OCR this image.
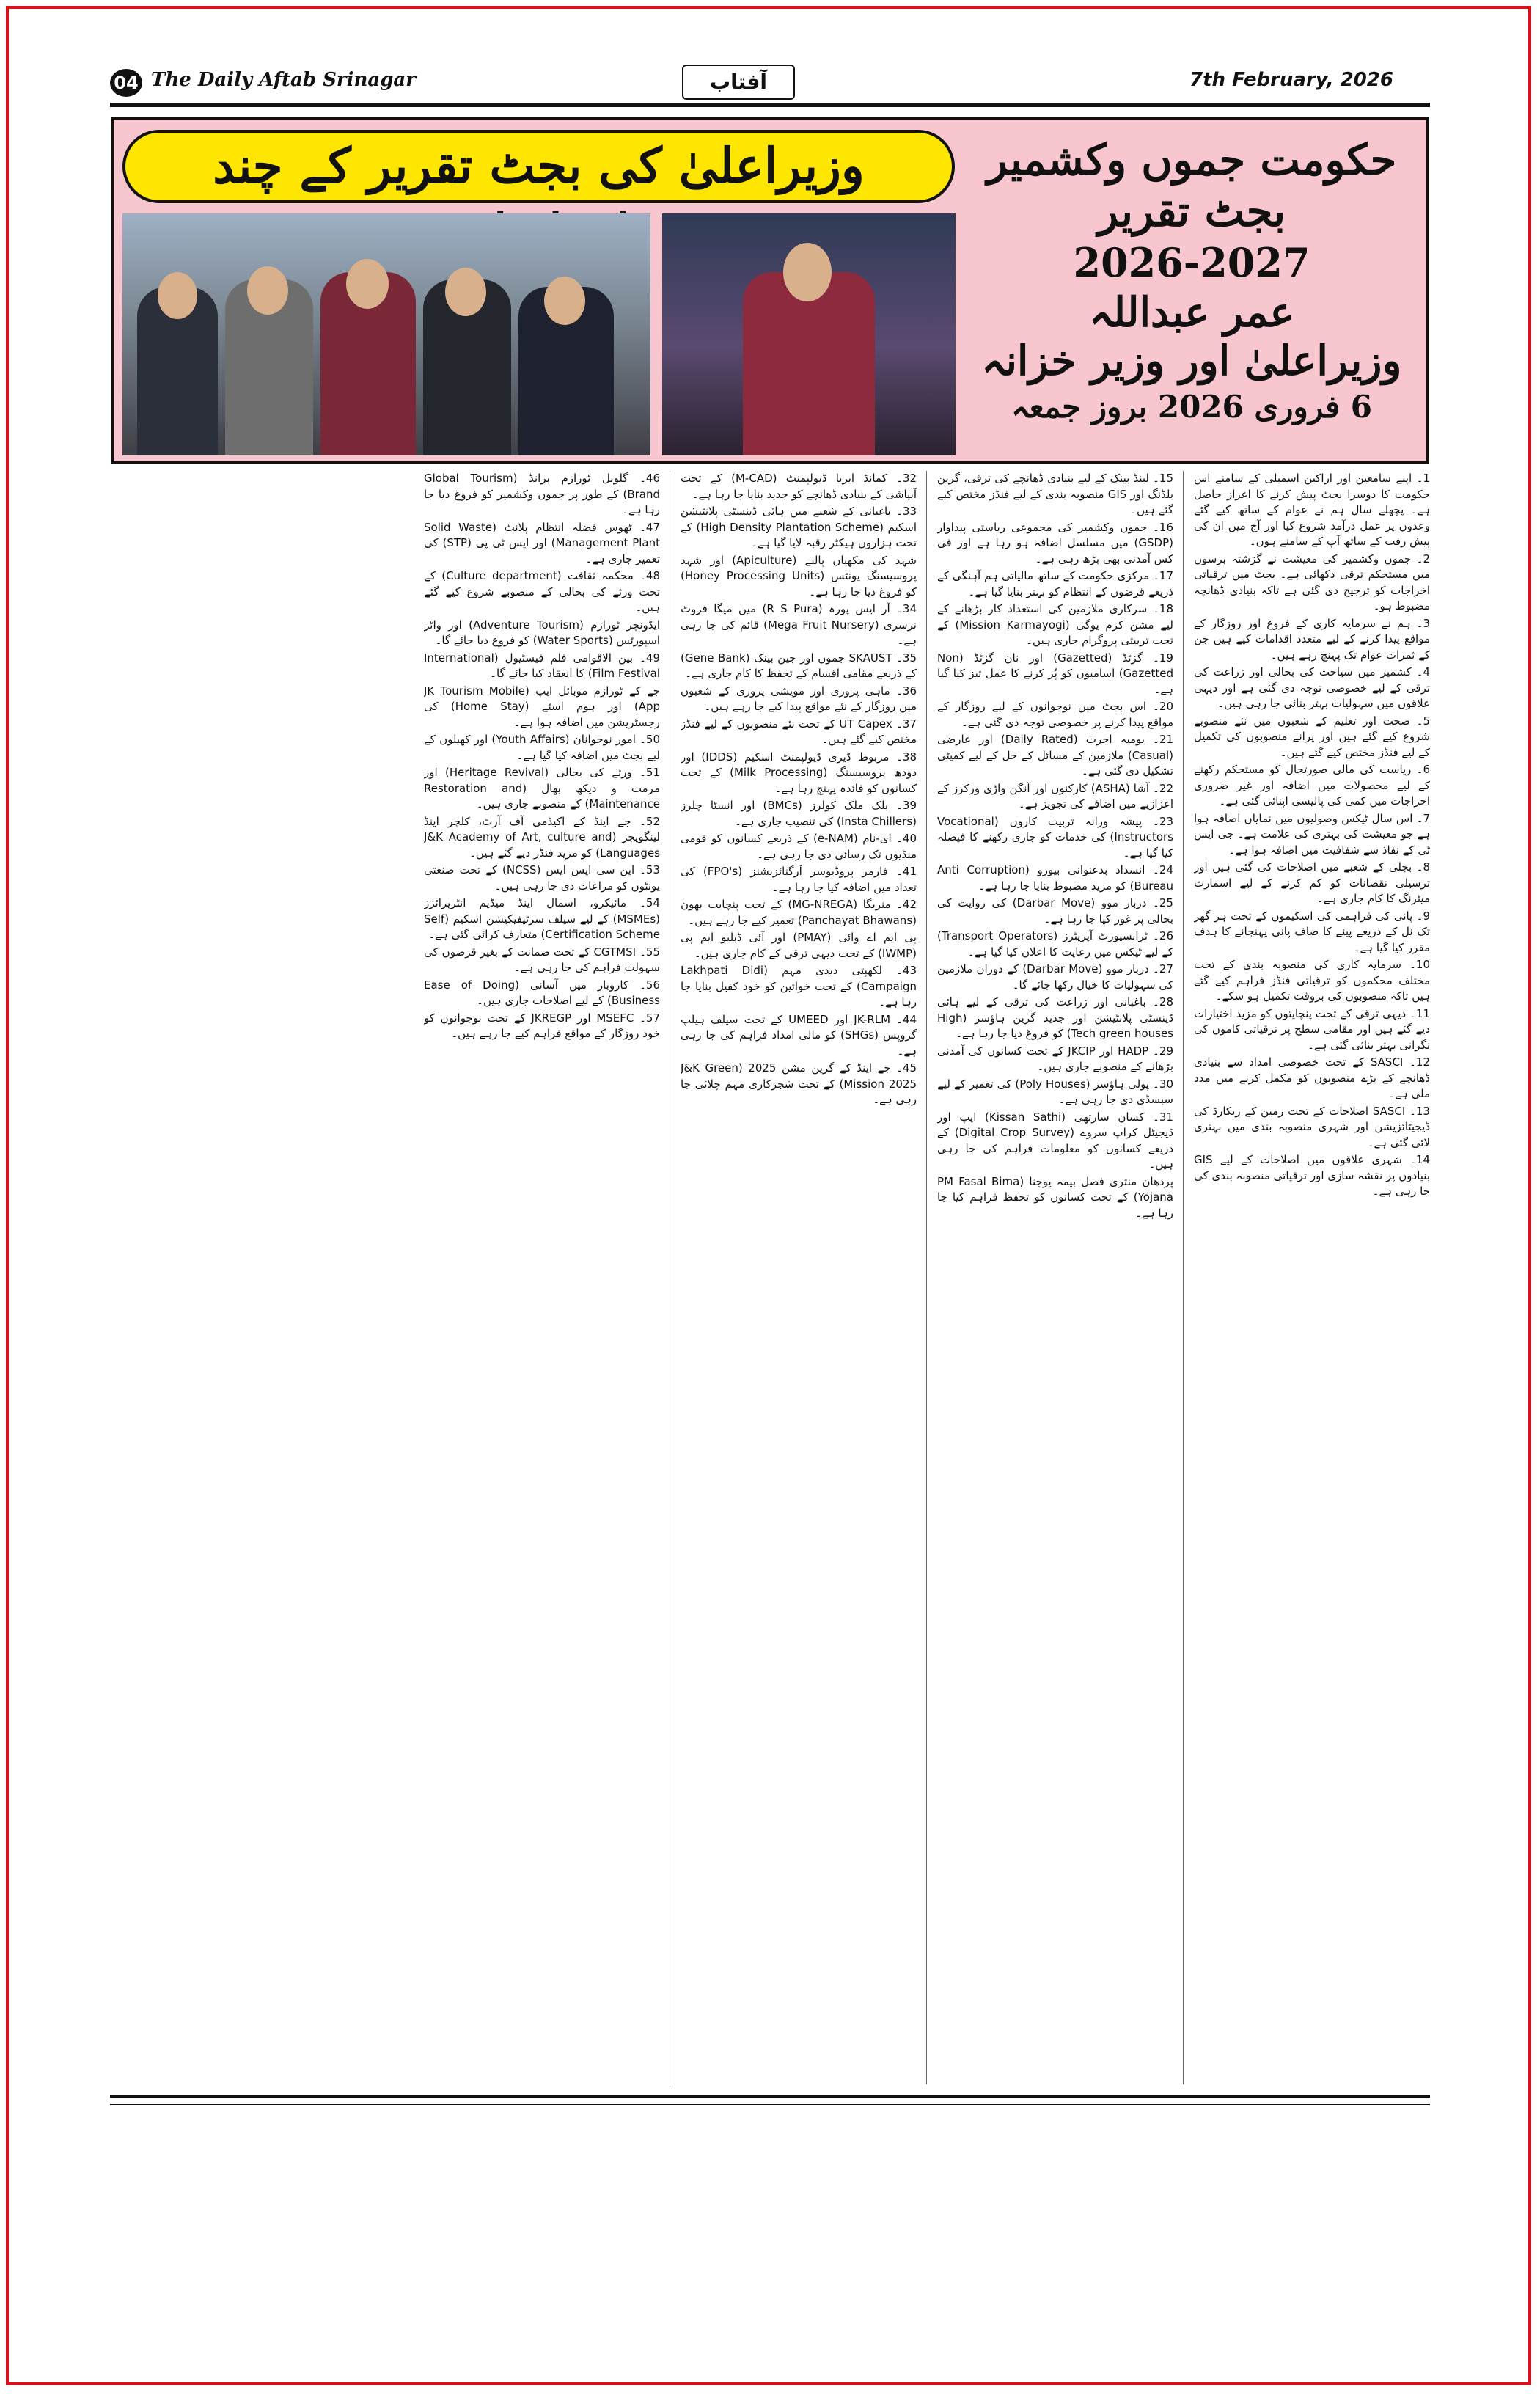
04 The Daily Aftab Srinagar	آفتاب	7th February, 2026
وزیراعلیٰ کی بجٹ تقریر کے چند	حکومت جموں وکشمیر
بجٹ تقریر
2026-2027
عمر عبداللہ
وزیراعلیٰ اور وزیر خزانہ
6 فروری 2026 بروز جمعہ

1۔ اپنے سامعین اور اراکین اسمبلی کے سامنے اس حکومت کا دوسرا بجٹ پیش کرنے کا اعزاز حاصل ہے۔ پچھلے سال ہم نے عوام کے ساتھ کیے گئے وعدوں پر عمل درآمد شروع کیا اور آج میں ان کی پیش رفت کے ساتھ آپ کے سامنے ہوں۔

2۔ جموں وکشمیر کی معیشت نے گزشتہ برسوں میں مستحکم ترقی دکھائی ہے۔ بجٹ میں ترقیاتی اخراجات کو ترجیح دی گئی ہے تاکہ بنیادی ڈھانچہ مضبوط ہو۔

3۔ ہم نے سرمایہ کاری کے فروغ اور روزگار کے مواقع پیدا کرنے کے لیے متعدد اقدامات کیے ہیں جن کے ثمرات عوام تک پہنچ رہے ہیں۔

4۔ کشمیر میں سیاحت کی بحالی اور زراعت کی ترقی کے لیے خصوصی توجہ دی گئی ہے اور دیہی علاقوں میں سہولیات بہتر بنائی جا رہی ہیں۔

5۔ صحت اور تعلیم کے شعبوں میں نئے منصوبے شروع کیے گئے ہیں اور پرانے منصوبوں کی تکمیل کے لیے فنڈز مختص کیے گئے ہیں۔

6۔ ریاست کی مالی صورتحال کو مستحکم رکھنے کے لیے محصولات میں اضافہ اور غیر ضروری اخراجات میں کمی کی پالیسی اپنائی گئی ہے۔

7۔ اس سال ٹیکس وصولیوں میں نمایاں اضافہ ہوا ہے جو معیشت کی بہتری کی علامت ہے۔ جی ایس ٹی کے نفاذ سے شفافیت میں اضافہ ہوا ہے۔

8۔ بجلی کے شعبے میں اصلاحات کی گئی ہیں اور ترسیلی نقصانات کو کم کرنے کے لیے اسمارٹ میٹرنگ کا کام جاری ہے۔

9۔ پانی کی فراہمی کی اسکیموں کے تحت ہر گھر تک نل کے ذریعے پینے کا صاف پانی پہنچانے کا ہدف مقرر کیا گیا ہے۔

10۔ سرمایہ کاری کی منصوبہ بندی کے تحت مختلف محکموں کو ترقیاتی فنڈز فراہم کیے گئے ہیں تاکہ منصوبوں کی بروقت تکمیل ہو سکے۔

11۔ دیہی ترقی کے تحت پنچایتوں کو مزید اختیارات دیے گئے ہیں اور مقامی سطح پر ترقیاتی کاموں کی نگرانی بہتر بنائی گئی ہے۔

12۔ SASCI کے تحت خصوصی امداد سے بنیادی ڈھانچے کے بڑے منصوبوں کو مکمل کرنے میں مدد ملی ہے۔

13۔ SASCI اصلاحات کے تحت زمین کے ریکارڈ کی ڈیجیٹائزیشن اور شہری منصوبہ بندی میں بہتری لائی گئی ہے۔

14۔ شہری علاقوں میں اصلاحات کے لیے GIS بنیادوں پر نقشہ سازی اور ترقیاتی منصوبہ بندی کی جا رہی ہے۔

15۔ لینڈ بینک کے لیے بنیادی ڈھانچے کی ترقی، گرین بلڈنگ اور GIS منصوبہ بندی کے لیے فنڈز مختص کیے گئے ہیں۔

16۔ جموں وکشمیر کی مجموعی ریاستی پیداوار (GSDP) میں مسلسل اضافہ ہو رہا ہے اور فی کس آمدنی بھی بڑھ رہی ہے۔

17۔ مرکزی حکومت کے ساتھ مالیاتی ہم آہنگی کے ذریعے قرضوں کے انتظام کو بہتر بنایا گیا ہے۔

18۔ سرکاری ملازمین کی استعداد کار بڑھانے کے لیے مشن کرم یوگی (Mission Karmayogi) کے تحت تربیتی پروگرام جاری ہیں۔

19۔ گزٹڈ (Gazetted) اور نان گزٹڈ (Non Gazetted) اسامیوں کو پُر کرنے کا عمل تیز کیا گیا ہے۔

20۔ اس بجٹ میں نوجوانوں کے لیے روزگار کے مواقع پیدا کرنے پر خصوصی توجہ دی گئی ہے۔

21۔ یومیہ اجرت (Daily Rated) اور عارضی (Casual) ملازمین کے مسائل کے حل کے لیے کمیٹی تشکیل دی گئی ہے۔

22۔ آشا (ASHA) کارکنوں اور آنگن واڑی ورکرز کے اعزازیے میں اضافے کی تجویز ہے۔

23۔ پیشہ ورانہ تربیت کاروں (Vocational Instructors) کی خدمات کو جاری رکھنے کا فیصلہ کیا گیا ہے۔

24۔ انسداد بدعنوانی بیورو (Anti Corruption Bureau) کو مزید مضبوط بنایا جا رہا ہے۔

25۔ دربار موو (Darbar Move) کی روایت کی بحالی پر غور کیا جا رہا ہے۔

26۔ ٹرانسپورٹ آپریٹرز (Transport Operators) کے لیے ٹیکس میں رعایت کا اعلان کیا گیا ہے۔

27۔ دربار موو (Darbar Move) کے دوران ملازمین کی سہولیات کا خیال رکھا جائے گا۔

28۔ باغبانی اور زراعت کی ترقی کے لیے ہائی ڈینسٹی پلانٹیشن اور جدید گرین ہاؤسز (High Tech green houses) کو فروغ دیا جا رہا ہے۔

29۔ HADP اور JKCIP کے تحت کسانوں کی آمدنی بڑھانے کے منصوبے جاری ہیں۔

30۔ پولی ہاؤسز (Poly Houses) کی تعمیر کے لیے سبسڈی دی جا رہی ہے۔

31۔ کسان سارتھی (Kissan Sathi) ایپ اور ڈیجیٹل کراپ سروے (Digital Crop Survey) کے ذریعے کسانوں کو معلومات فراہم کی جا رہی ہیں۔

پردھان منتری فصل بیمہ یوجنا (PM Fasal Bima Yojana) کے تحت کسانوں کو تحفظ فراہم کیا جا رہا ہے۔

32۔ کمانڈ ایریا ڈیولپمنٹ (M-CAD) کے تحت آبپاشی کے بنیادی ڈھانچے کو جدید بنایا جا رہا ہے۔

33۔ باغبانی کے شعبے میں ہائی ڈینسٹی پلانٹیشن اسکیم (High Density Plantation Scheme) کے تحت ہزاروں ہیکٹر رقبہ لایا گیا ہے۔

شہد کی مکھیاں پالنے (Apiculture) اور شہد پروسیسنگ یونٹس (Honey Processing Units) کو فروغ دیا جا رہا ہے۔

34۔ آر ایس پورہ (R S Pura) میں میگا فروٹ نرسری (Mega Fruit Nursery) قائم کی جا رہی ہے۔

35۔ SKAUST جموں اور جین بینک (Gene Bank) کے ذریعے مقامی اقسام کے تحفظ کا کام جاری ہے۔

36۔ ماہی پروری اور مویشی پروری کے شعبوں میں روزگار کے نئے مواقع پیدا کیے جا رہے ہیں۔

37۔ UT Capex کے تحت نئے منصوبوں کے لیے فنڈز مختص کیے گئے ہیں۔

38۔ مربوط ڈیری ڈیولپمنٹ اسکیم (IDDS) اور دودھ پروسیسنگ (Milk Processing) کے تحت کسانوں کو فائدہ پہنچ رہا ہے۔

39۔ بلک ملک کولرز (BMCs) اور انسٹا چلرز (Insta Chillers) کی تنصیب جاری ہے۔

40۔ ای-نام (e-NAM) کے ذریعے کسانوں کو قومی منڈیوں تک رسائی دی جا رہی ہے۔

41۔ فارمر پروڈیوسر آرگنائزیشنز (FPO's) کی تعداد میں اضافہ کیا جا رہا ہے۔

42۔ منریگا (MG-NREGA) کے تحت پنچایت بھون (Panchayat Bhawans) تعمیر کیے جا رہے ہیں۔

پی ایم اے وائی (PMAY) اور آئی ڈبلیو ایم پی (IWMP) کے تحت دیہی ترقی کے کام جاری ہیں۔

43۔ لکھپتی دیدی مہم (Lakhpati Didi Campaign) کے تحت خواتین کو خود کفیل بنایا جا رہا ہے۔

44۔ JK-RLM اور UMEED کے تحت سیلف ہیلپ گروپس (SHGs) کو مالی امداد فراہم کی جا رہی ہے۔

45۔ جے اینڈ کے گرین مشن 2025 (J&K Green Mission 2025) کے تحت شجرکاری مہم چلائی جا رہی ہے۔

46۔ گلوبل ٹورازم برانڈ (Global Tourism Brand) کے طور پر جموں وکشمیر کو فروغ دیا جا رہا ہے۔

47۔ ٹھوس فضلہ انتظام پلانٹ (Solid Waste Management Plant) اور ایس ٹی پی (STP) کی تعمیر جاری ہے۔

48۔ محکمہ ثقافت (Culture department) کے تحت ورثے کی بحالی کے منصوبے شروع کیے گئے ہیں۔

ایڈونچر ٹورازم (Adventure Tourism) اور واٹر اسپورٹس (Water Sports) کو فروغ دیا جائے گا۔

49۔ بین الاقوامی فلم فیسٹیول (International Film Festival) کا انعقاد کیا جائے گا۔

جے کے ٹورازم موبائل ایپ (JK Tourism Mobile App) اور ہوم اسٹے (Home Stay) کی رجسٹریشن میں اضافہ ہوا ہے۔

50۔ امور نوجوانان (Youth Affairs) اور کھیلوں کے لیے بجٹ میں اضافہ کیا گیا ہے۔

51۔ ورثے کی بحالی (Heritage Revival) اور مرمت و دیکھ بھال (Restoration and Maintenance) کے منصوبے جاری ہیں۔

52۔ جے اینڈ کے اکیڈمی آف آرٹ، کلچر اینڈ لینگویجز (J&K Academy of Art, culture and Languages) کو مزید فنڈز دیے گئے ہیں۔

53۔ این سی ایس ایس (NCSS) کے تحت صنعتی یونٹوں کو مراعات دی جا رہی ہیں۔

54۔ مائیکرو، اسمال اینڈ میڈیم انٹرپرائزز (MSMEs) کے لیے سیلف سرٹیفیکیشن اسکیم (Self Certification Scheme) متعارف کرائی گئی ہے۔

55۔ CGTMSI کے تحت ضمانت کے بغیر قرضوں کی سہولت فراہم کی جا رہی ہے۔

56۔ کاروبار میں آسانی (Ease of Doing Business) کے لیے اصلاحات جاری ہیں۔

57۔ MSEFC اور JKREGP کے تحت نوجوانوں کو خود روزگار کے مواقع فراہم کیے جا رہے ہیں۔
